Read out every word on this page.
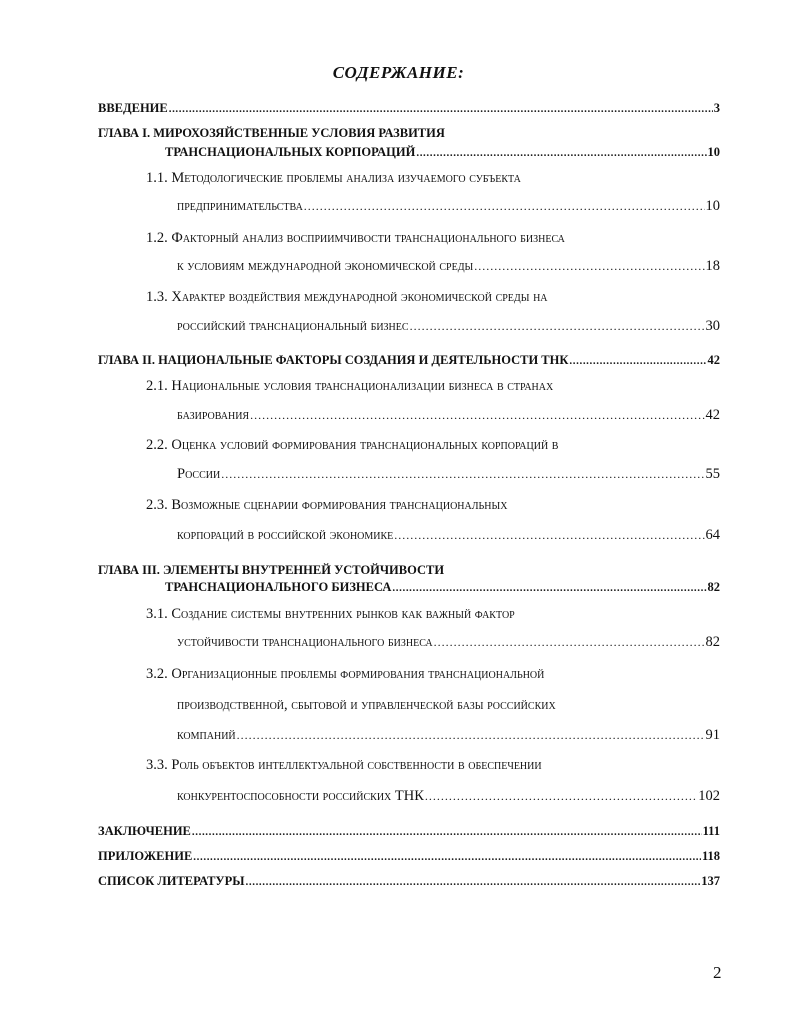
СОДЕРЖАНИЕ:
ВВЕДЕНИЕ .....	3
ГЛАВА I. МИРОХОЗЯЙСТВЕННЫЕ УСЛОВИЯ РАЗВИТИЯ
ТРАНСНАЦИОНАЛЬНЫХ КОРПОРАЦИЙ .....	10
1.1. Методологические проблемы анализа изучаемого субъекта
предпринимательства .....	10
1.2. Факторный анализ восприимчивости транснационального бизнеса
к условиям международной экономической среды .....	18
1.3. Характер воздействия международной экономической среды на
российский транснациональный бизнес .....	30
ГЛАВА II. НАЦИОНАЛЬНЫЕ ФАКТОРЫ СОЗДАНИЯ И ДЕЯТЕЛЬНОСТИ ТНК .....	42
2.1. Национальные условия транснационализации бизнеса в странах
базирования .....	42
2.2. Оценка условий формирования транснациональных корпораций в
России .....	55
2.3. Возможные сценарии формирования транснациональных
корпораций в российской экономике .....	64
ГЛАВА III. ЭЛЕМЕНТЫ ВНУТРЕННЕЙ УСТОЙЧИВОСТИ
ТРАНСНАЦИОНАЛЬНОГО БИЗНЕСА .....	82
3.1. Создание системы внутренних рынков как важный фактор
устойчивости транснационального бизнеса .....	82
3.2. Организационные проблемы формирования транснациональной
производственной, сбытовой и управленческой базы российских
компаний .....	91
3.3. Роль объектов интеллектуальной собственности в обеспечении
конкурентоспособности российских ТНК .....	102
ЗАКЛЮЧЕНИЕ .....	111
ПРИЛОЖЕНИЕ .....	118
СПИСОК ЛИТЕРАТУРЫ .....	137
2
